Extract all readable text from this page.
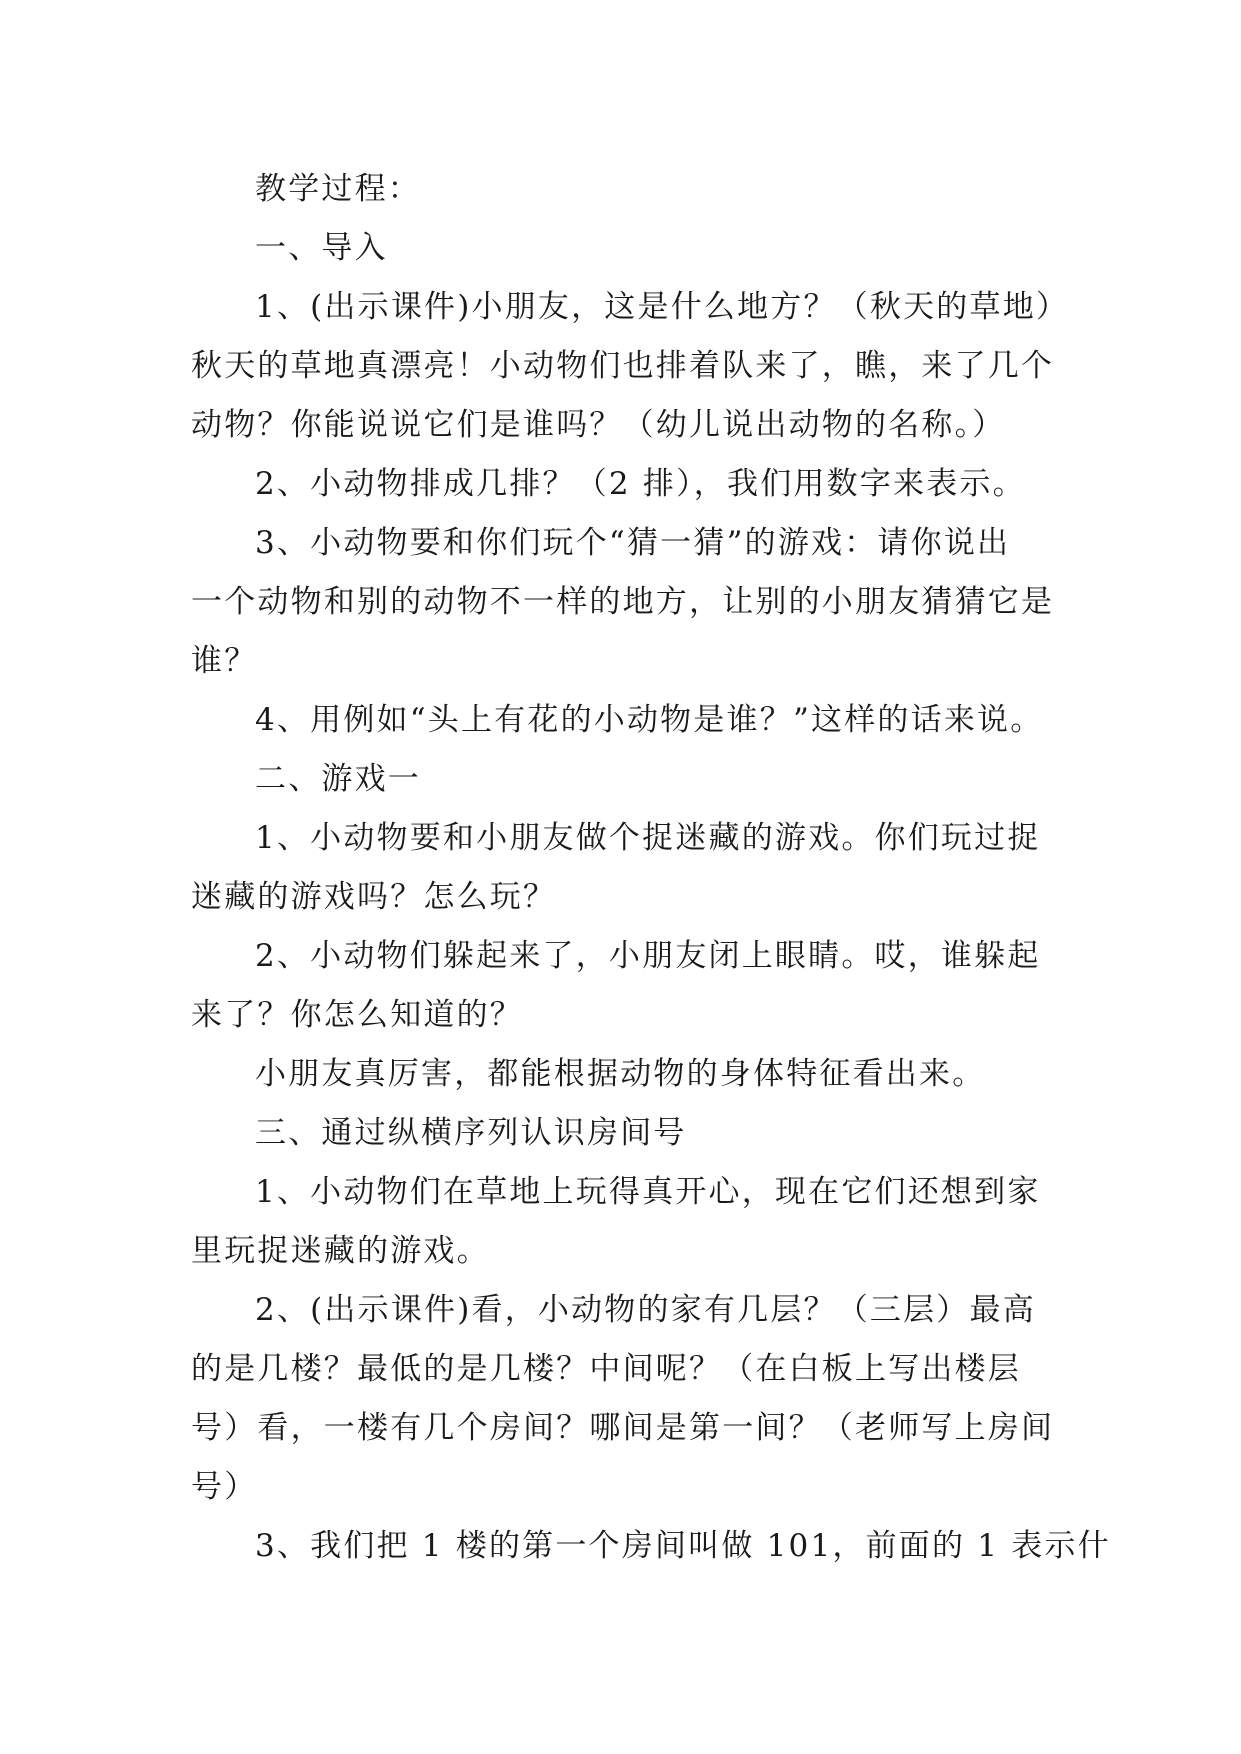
教学过程：

一、导入

1、(出示课件)小朋友，这是什么地方？（秋天的草地）
秋天的草地真漂亮！小动物们也排着队来了，瞧，来了几个
动物？你能说说它们是谁吗？（幼儿说出动物的名称。）

2、小动物排成几排？（2 排），我们用数字来表示。

3、小动物要和你们玩个“猜一猜”的游戏：请你说出
一个动物和别的动物不一样的地方，让别的小朋友猜猜它是
谁？

4、用例如“头上有花的小动物是谁？”这样的话来说。

二、游戏一

1、小动物要和小朋友做个捉迷藏的游戏。你们玩过捉
迷藏的游戏吗？怎么玩？

2、小动物们躲起来了，小朋友闭上眼睛。哎，谁躲起
来了？你怎么知道的？

小朋友真厉害，都能根据动物的身体特征看出来。

三、通过纵横序列认识房间号

1、小动物们在草地上玩得真开心，现在它们还想到家
里玩捉迷藏的游戏。

2、(出示课件)看，小动物的家有几层？（三层）最高
的是几楼？最低的是几楼？中间呢？（在白板上写出楼层
号）看，一楼有几个房间？哪间是第一间？（老师写上房间
号）

3、我们把 1 楼的第一个房间叫做 101，前面的 1 表示什
